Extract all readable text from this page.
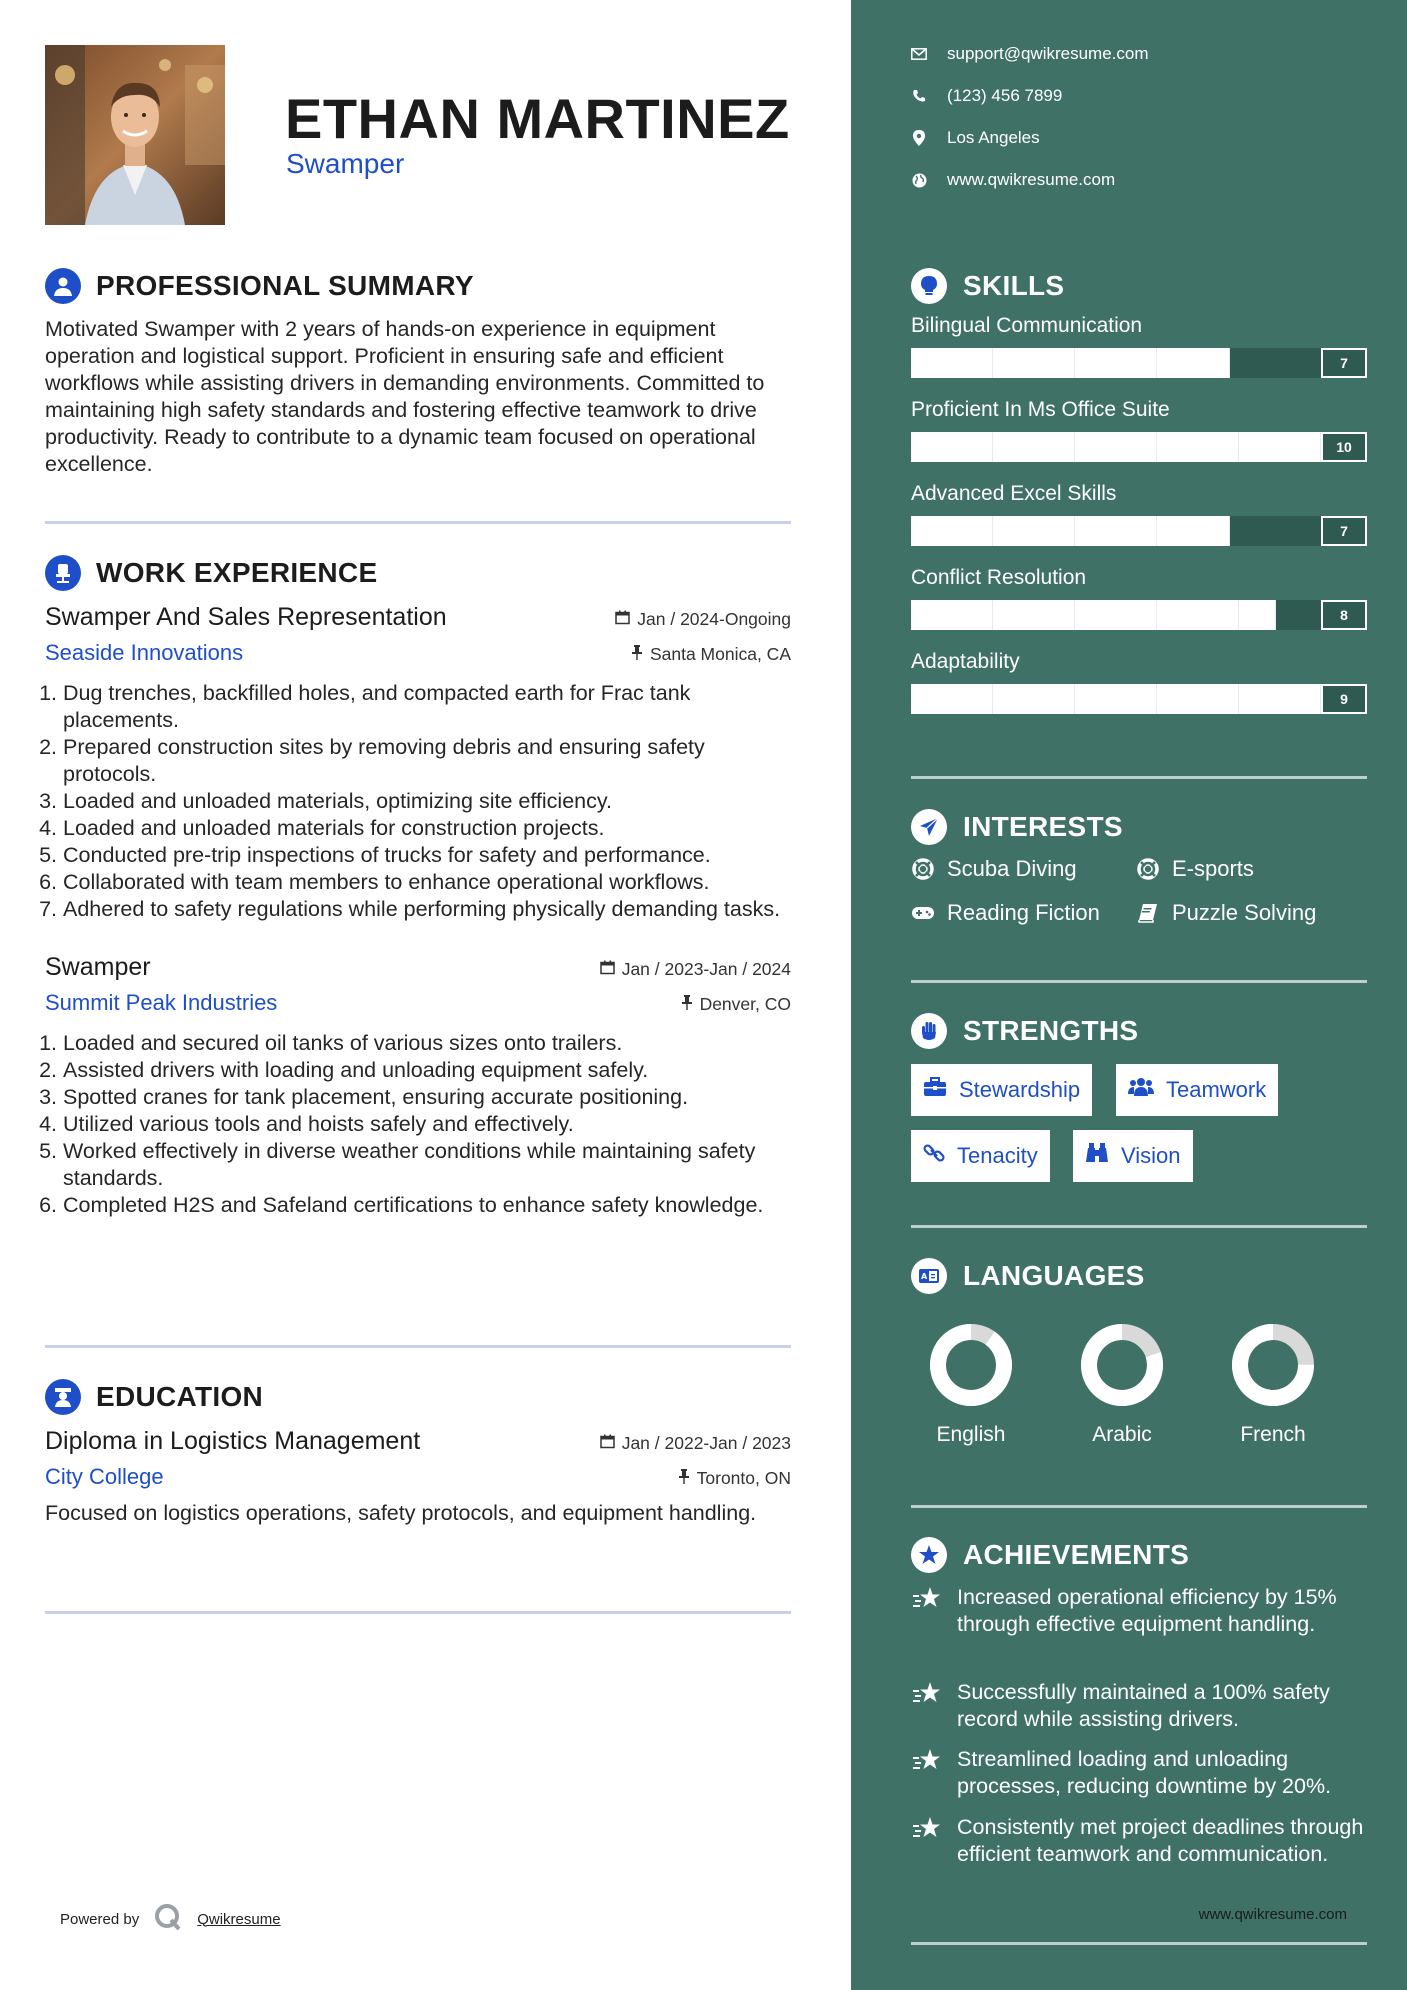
ETHAN MARTINEZ
Swamper
PROFESSIONAL SUMMARY

Motivated Swamper with 2 years of hands-on experience in equipment operation and logistical support. Proficient in ensuring safe and efficient workflows while assisting drivers in demanding environments. Committed to maintaining high safety standards and fostering effective teamwork to drive productivity. Ready to contribute to a dynamic team focused on operational excellence.

WORK EXPERIENCE
Swamper And Sales Representation	Jan / 2024-Ongoing
Seaside Innovations	Santa Monica, CA
1. Dug trenches, backfilled holes, and compacted earth for Frac tank placements.
2. Prepared construction sites by removing debris and ensuring safety protocols.
3. Loaded and unloaded materials, optimizing site efficiency.
4. Loaded and unloaded materials for construction projects.
5. Conducted pre-trip inspections of trucks for safety and performance.
6. Collaborated with team members to enhance operational workflows.
7. Adhered to safety regulations while performing physically demanding tasks.
Swamper	Jan / 2023-Jan / 2024
Summit Peak Industries	Denver, CO
1. Loaded and secured oil tanks of various sizes onto trailers.
2. Assisted drivers with loading and unloading equipment safely.
3. Spotted cranes for tank placement, ensuring accurate positioning.
4. Utilized various tools and hoists safely and effectively.
5. Worked effectively in diverse weather conditions while maintaining safety standards.
6. Completed H2S and Safeland certifications to enhance safety knowledge.
EDUCATION
Diploma in Logistics Management	Jan / 2022-Jan / 2023
City College	Toronto, ON

Focused on logistics operations, safety protocols, and equipment handling.

Powered by	Qwikresume
support@qwikresume.com
(123) 456 7899
Los Angeles
www.qwikresume.com
SKILLS
Bilingual Communication
7
Proficient In Ms Office Suite
10
Advanced Excel Skills
7
Conflict Resolution
8
Adaptability
9
INTERESTS
Scuba Diving	E-sports
Reading Fiction	Puzzle Solving
STRENGTHS
Stewardship	Teamwork
Tenacity	Vision
A LANGUAGES
English	Arabic	French
ACHIEVEMENTS
Increased operational efficiency by 15% through effective equipment handling.
Successfully maintained a 100% safety record while assisting drivers.
Streamlined loading and unloading processes, reducing downtime by 20%.
Consistently met project deadlines through efficient teamwork and communication.
www.qwikresume.com
